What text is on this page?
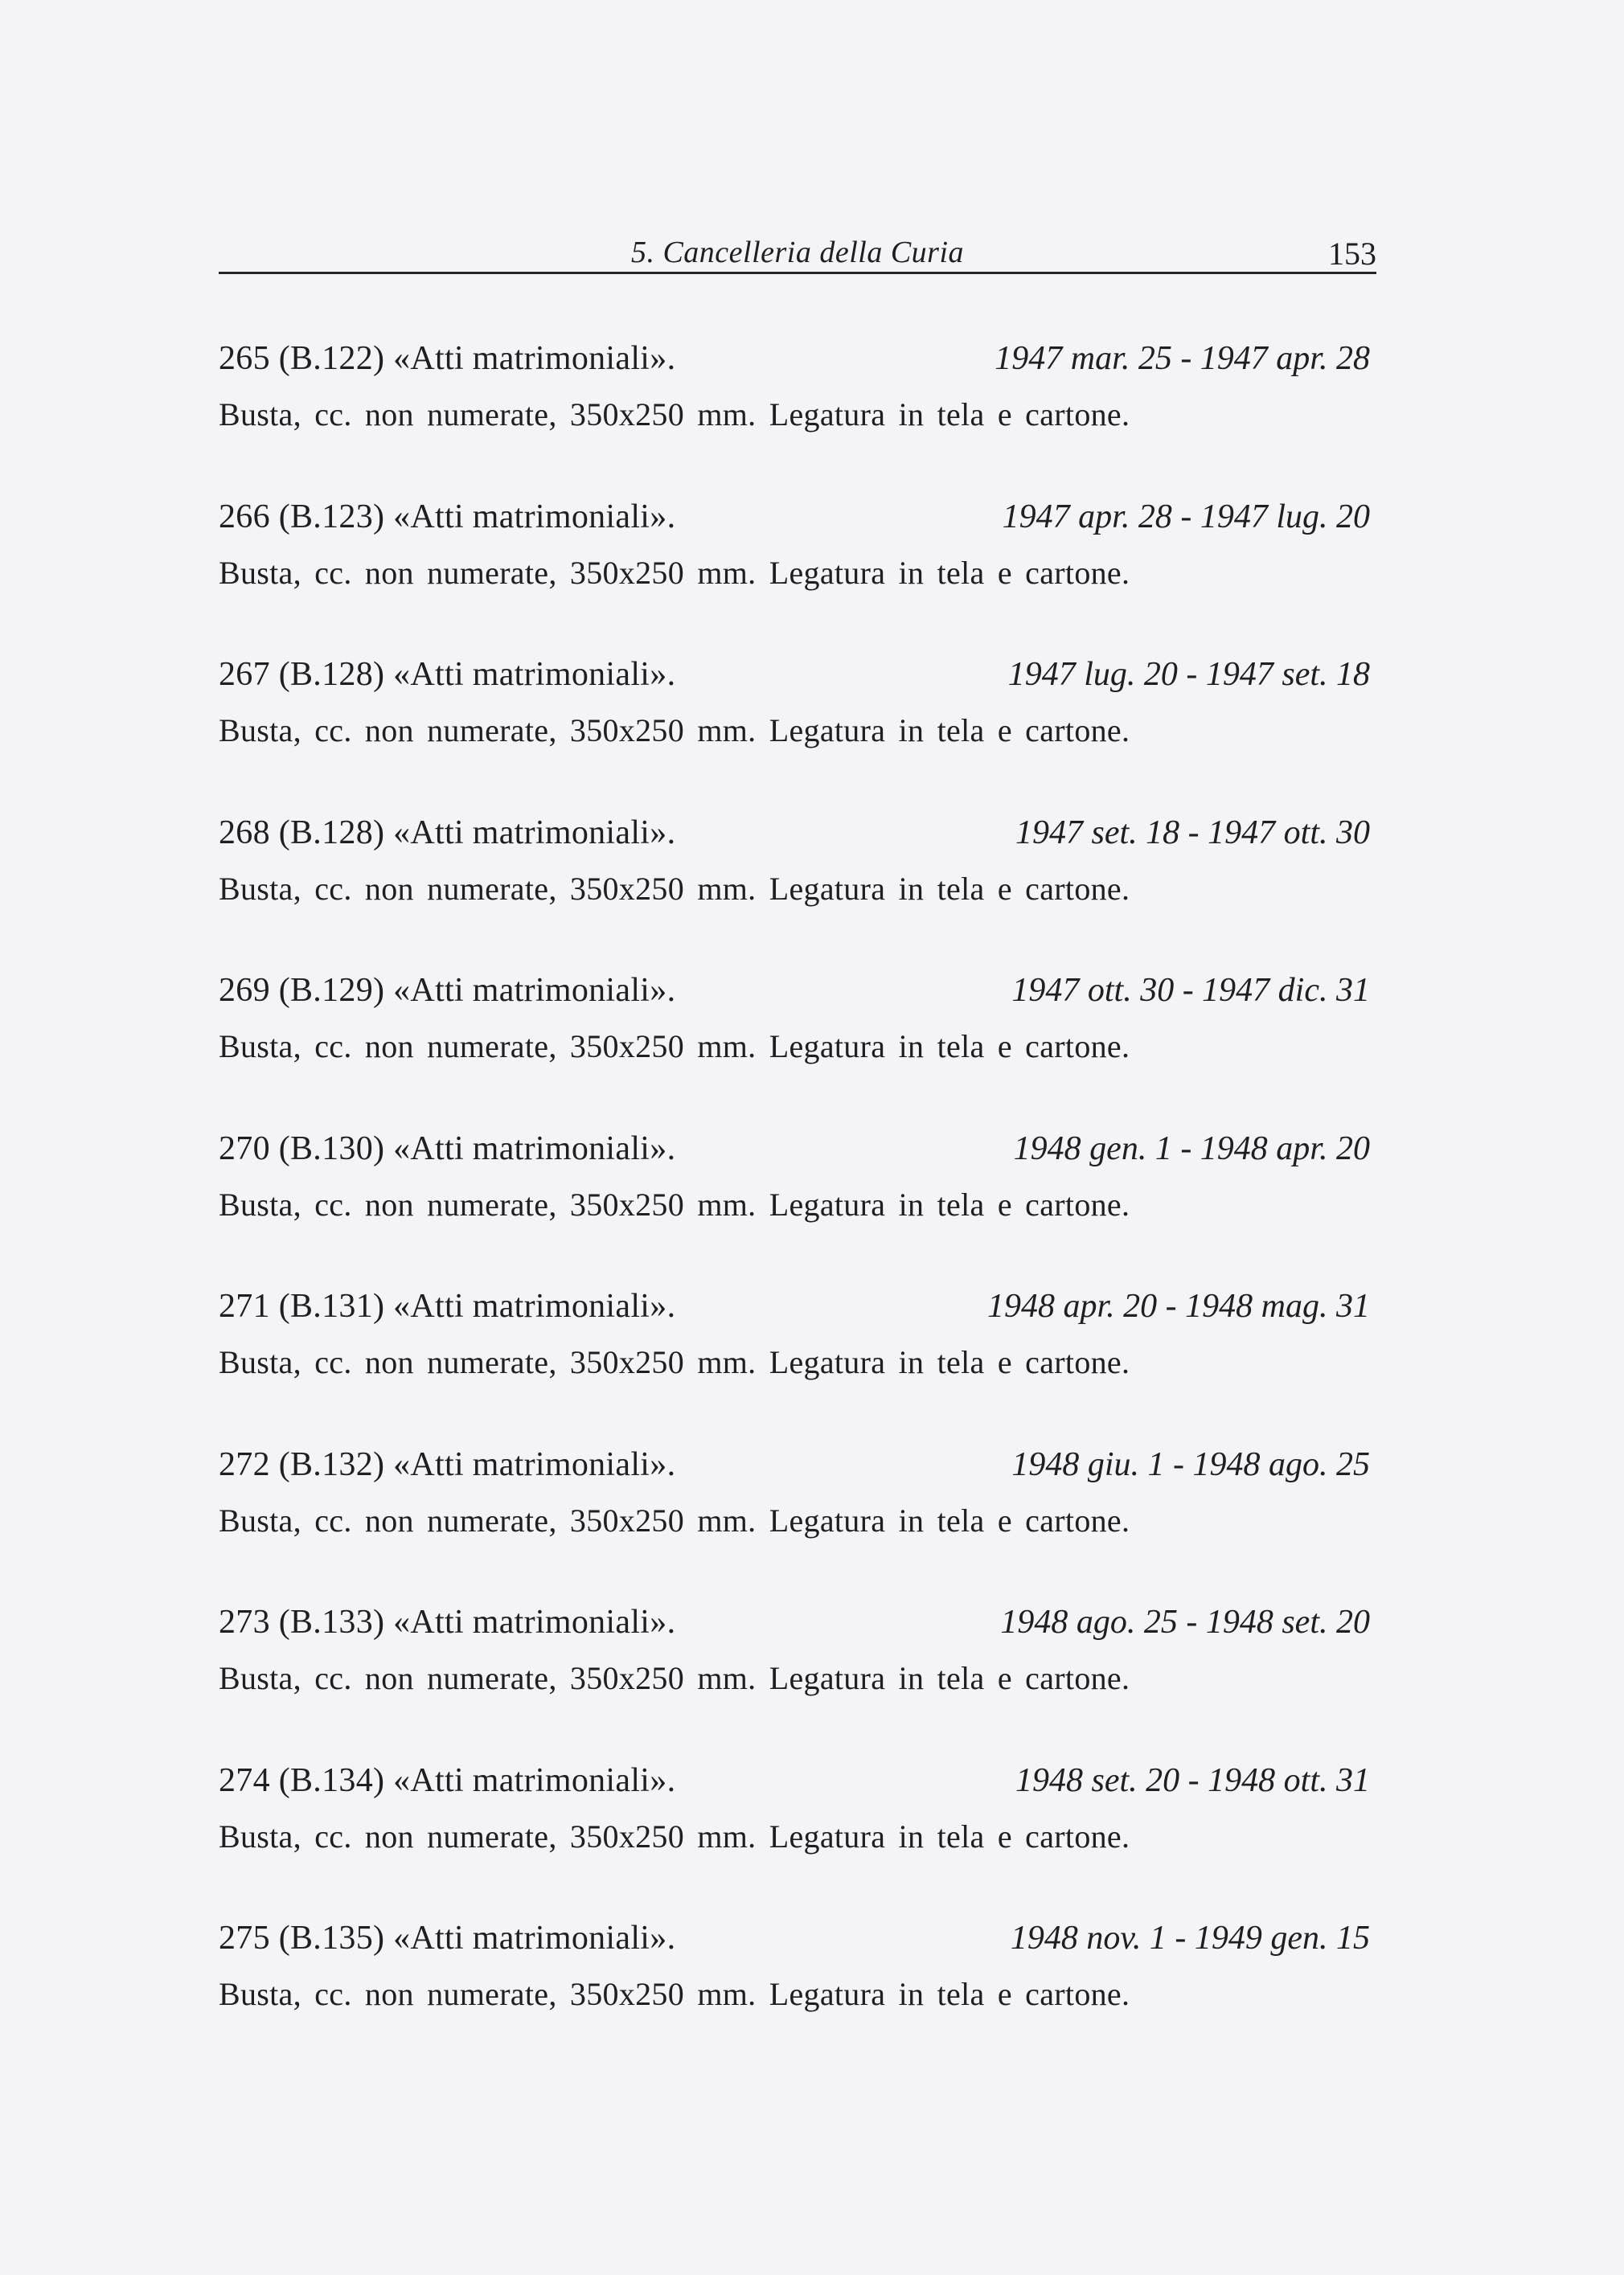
5. Cancelleria della Curia	153
265 (B.122) «Atti matrimoniali».	1947 mar. 25 - 1947 apr. 28
Busta, cc. non numerate, 350x250 mm. Legatura in tela e cartone.
266 (B.123) «Atti matrimoniali».	1947 apr. 28 - 1947 lug. 20
Busta, cc. non numerate, 350x250 mm. Legatura in tela e cartone.
267 (B.128) «Atti matrimoniali».	1947 lug. 20 - 1947 set. 18
Busta, cc. non numerate, 350x250 mm. Legatura in tela e cartone.
268 (B.128) «Atti matrimoniali».	1947 set. 18 - 1947 ott. 30
Busta, cc. non numerate, 350x250 mm. Legatura in tela e cartone.
269 (B.129) «Atti matrimoniali».	1947 ott. 30 - 1947 dic. 31
Busta, cc. non numerate, 350x250 mm. Legatura in tela e cartone.
270 (B.130) «Atti matrimoniali».	1948 gen. 1 - 1948 apr. 20
Busta, cc. non numerate, 350x250 mm. Legatura in tela e cartone.
271 (B.131) «Atti matrimoniali».	1948 apr. 20 - 1948 mag. 31
Busta, cc. non numerate, 350x250 mm. Legatura in tela e cartone.
272 (B.132) «Atti matrimoniali».	1948 giu. 1 - 1948 ago. 25
Busta, cc. non numerate, 350x250 mm. Legatura in tela e cartone.
273 (B.133) «Atti matrimoniali».	1948 ago. 25 - 1948 set. 20
Busta, cc. non numerate, 350x250 mm. Legatura in tela e cartone.
274 (B.134) «Atti matrimoniali».	1948 set. 20 - 1948 ott. 31
Busta, cc. non numerate, 350x250 mm. Legatura in tela e cartone.
275 (B.135) «Atti matrimoniali».	1948 nov. 1 - 1949 gen. 15
Busta, cc. non numerate, 350x250 mm. Legatura in tela e cartone.
